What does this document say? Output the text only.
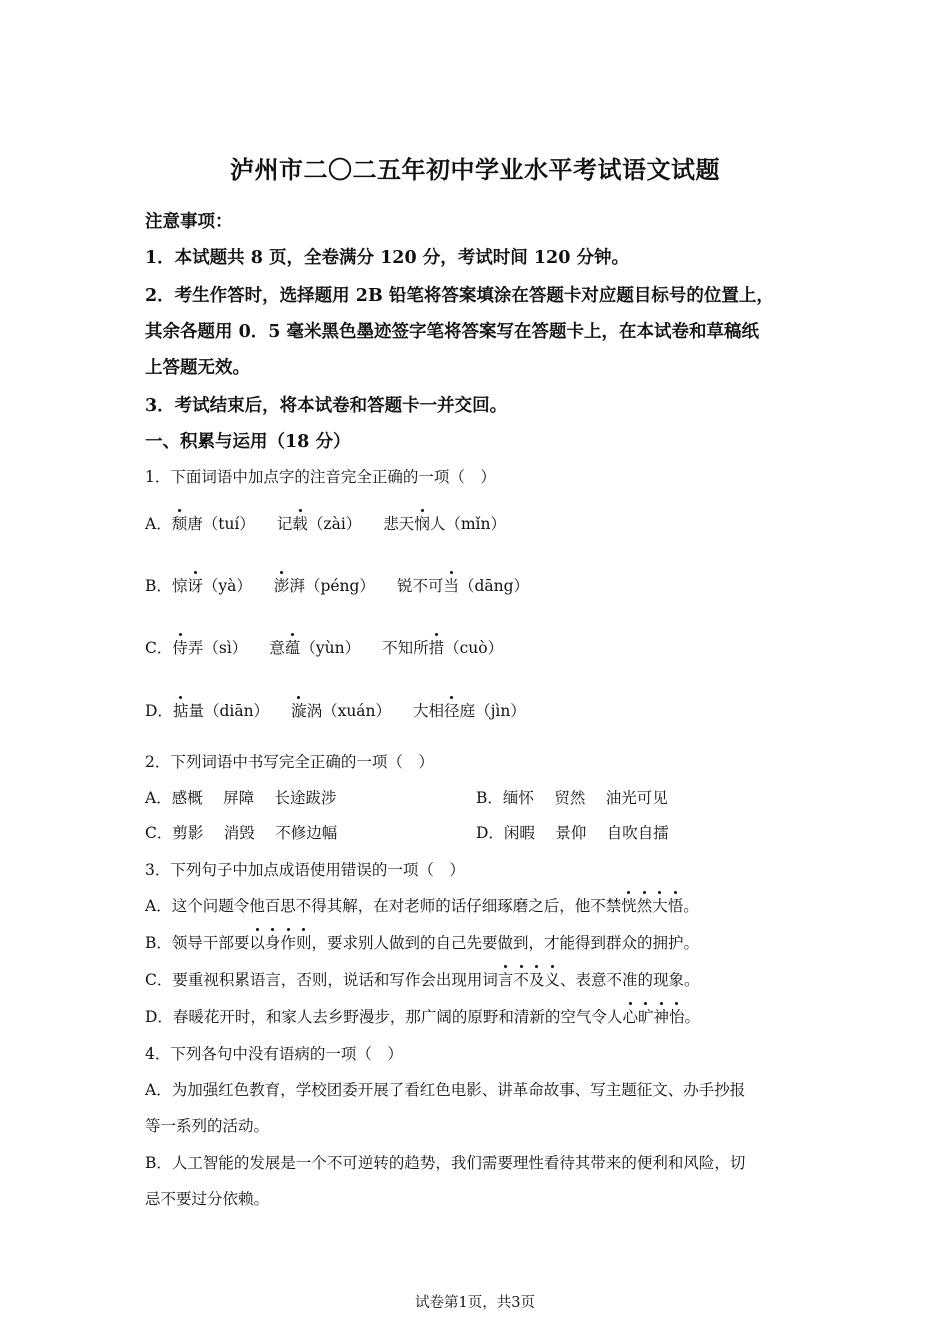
泸州市二〇二五年初中学业水平考试语文试题
注意事项：
1．本试题共 8 页，全卷满分 120 分，考试时间 120 分钟。
2．考生作答时，选择题用 2B 铅笔将答案填涂在答题卡对应题目标号的位置上，
其余各题用 0．5 毫米黑色墨迹签字笔将答案写在答题卡上，在本试卷和草稿纸
上答题无效。
3．考试结束后，将本试卷和答题卡一并交回。
一、积累与运用（18 分）
1．下面词语中加点字的注音完全正确的一项（　）
A．颓唐（tuí） 记载（zài） 悲天悯人（mǐn）
B．惊讶（yà） 澎湃（péng） 锐不可当（dāng）
C．侍弄（sì） 意蕴（yùn） 不知所措（cuò）
D．掂量（diān） 漩涡（xuán） 大相径庭（jìn）
2．下列词语中书写完全正确的一项（　）
A．感概　 屏障　 长途跋涉	B．缅怀　 贸然　 油光可见
C．剪影　 消毁　 不修边幅	D．闲暇　 景仰　 自吹自擂
3．下列句子中加点成语使用错误的一项（　）
A．这个问题令他百思不得其解，在对老师的话仔细琢磨之后，他不禁恍然大悟。
B．领导干部要以身作则，要求别人做到的自己先要做到，才能得到群众的拥护。
C．要重视积累语言，否则，说话和写作会出现用词言不及义、表意不准的现象。
D．春暖花开时，和家人去乡野漫步，那广阔的原野和清新的空气令人心旷神怡。
4．下列各句中没有语病的一项（　）
A．为加强红色教育，学校团委开展了看红色电影、讲革命故事、写主题征文、办手抄报
等一系列的活动。
B．人工智能的发展是一个不可逆转的趋势，我们需要理性看待其带来的便利和风险，切
忌不要过分依赖。
试卷第1页，共3页
